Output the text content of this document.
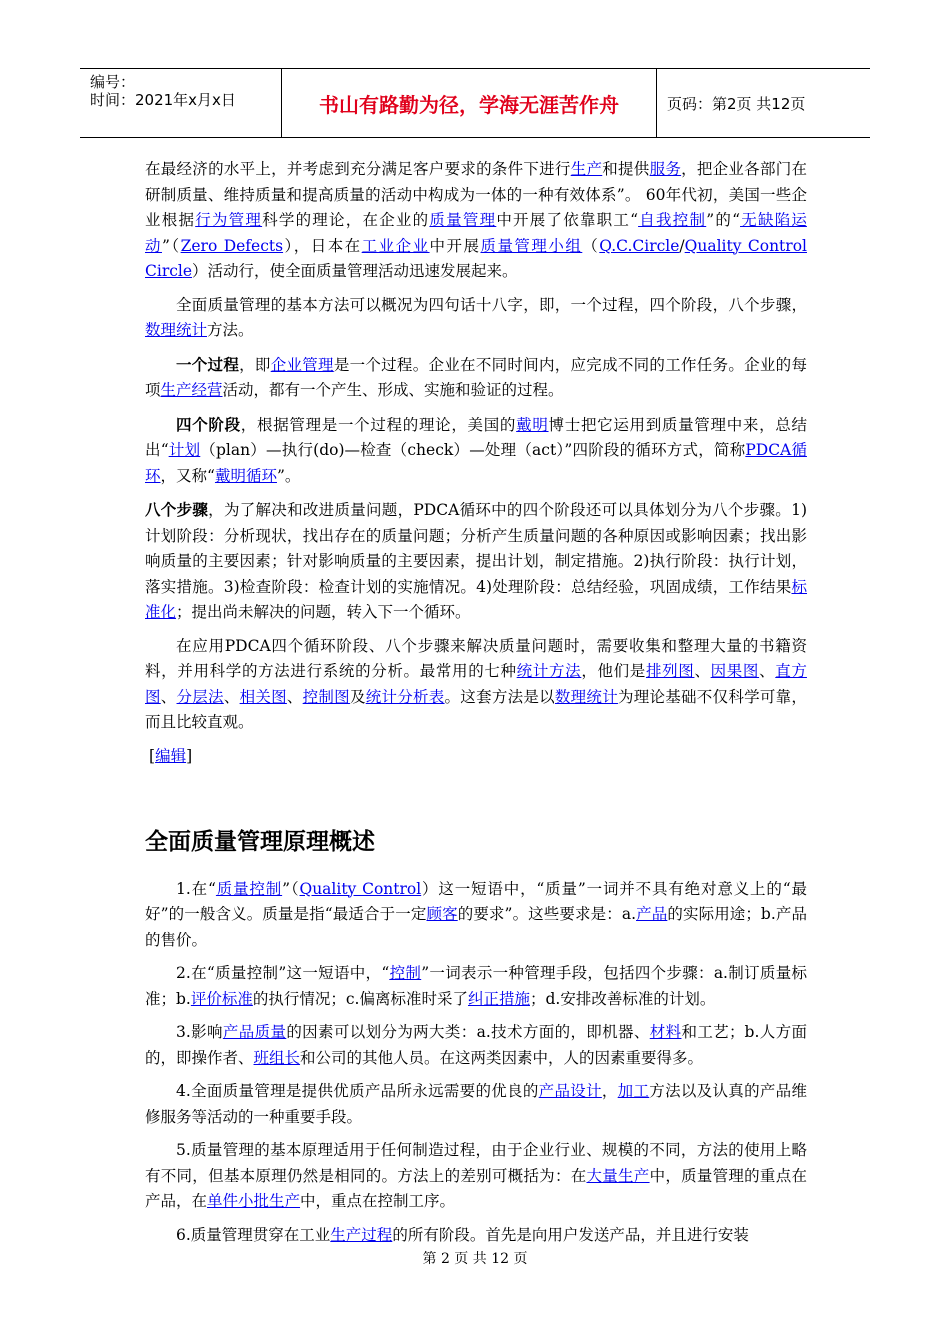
编号：
时间：2021年x月x日	书山有路勤为径，学海无涯苦作舟	页码：第2页 共12页

在最经济的水平上，并考虑到充分满足客户要求的条件下进行生产和提供服务，把企业各部门在研制质量、维持质量和提高质量的活动中构成为一体的一种有效体系”。 60年代初，美国一些企业根据行为管理科学的理论，在企业的质量管理中开展了依靠职工“自我控制”的“无缺陷运动”（Zero Defects），日本在工业企业中开展质量管理小组（Q.C.Circle/Quality Control Circle）活动行，使全面质量管理活动迅速发展起来。

全面质量管理的基本方法可以概况为四句话十八字，即，一个过程，四个阶段，八个步骤，数理统计方法。

一个过程，即企业管理是一个过程。企业在不同时间内，应完成不同的工作任务。企业的每项生产经营活动，都有一个产生、形成、实施和验证的过程。

四个阶段，根据管理是一个过程的理论，美国的戴明博士把它运用到质量管理中来，总结出“计划（plan）—执行(do)—检查（check）—处理（act）”四阶段的循环方式，简称PDCA循环，又称“戴明循环”。

八个步骤，为了解决和改进质量问题，PDCA循环中的四个阶段还可以具体划分为八个步骤。1)计划阶段：分析现状，找出存在的质量问题；分析产生质量问题的各种原因或影响因素；找出影响质量的主要因素；针对影响质量的主要因素，提出计划，制定措施。2)执行阶段：执行计划，落实措施。3)检查阶段：检查计划的实施情况。4)处理阶段：总结经验，巩固成绩，工作结果标准化；提出尚未解决的问题，转入下一个循环。

在应用PDCA四个循环阶段、八个步骤来解决质量问题时，需要收集和整理大量的书籍资料，并用科学的方法进行系统的分析。最常用的七种统计方法，他们是排列图、因果图、直方图、分层法、相关图、控制图及统计分析表。这套方法是以数理统计为理论基础不仅科学可靠，而且比较直观。

[编辑]
全面质量管理原理概述

1.在“质量控制”（Quality Control）这一短语中，“质量”一词并不具有绝对意义上的“最好”的一般含义。质量是指“最适合于一定顾客的要求”。这些要求是：a.产品的实际用途；b.产品的售价。

2.在“质量控制”这一短语中，“控制”一词表示一种管理手段，包括四个步骤：a.制订质量标准；b.评价标准的执行情况；c.偏离标准时采了纠正措施；d.安排改善标准的计划。

3.影响产品质量的因素可以划分为两大类：a.技术方面的，即机器、材料和工艺；b.人方面的，即操作者、班组长和公司的其他人员。在这两类因素中，人的因素重要得多。

4.全面质量管理是提供优质产品所永远需要的优良的产品设计，加工方法以及认真的产品维修服务等活动的一种重要手段。

5.质量管理的基本原理适用于任何制造过程，由于企业行业、规模的不同，方法的使用上略有不同，但基本原理仍然是相同的。方法上的差别可概括为：在大量生产中，质量管理的重点在产品，在单件小批生产中，重点在控制工序。

6.质量管理贯穿在工业生产过程的所有阶段。首先是向用户发送产品，并且进行安装

第 2 页 共 12 页
